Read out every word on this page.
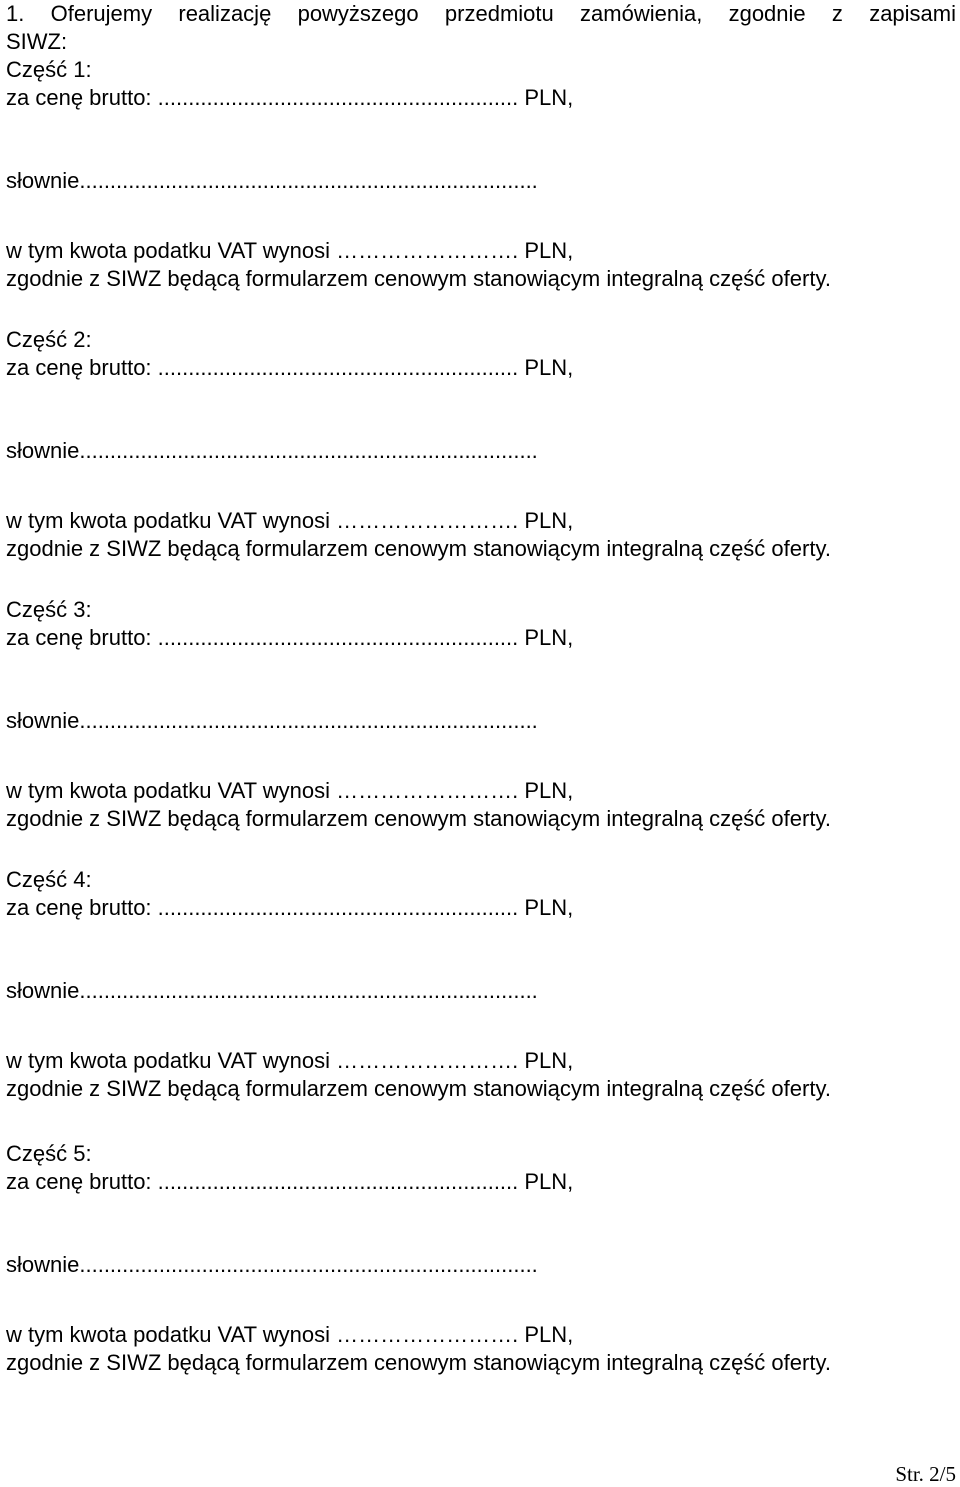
1. Oferujemy realizację powyższego przedmiotu zamówienia, zgodnie z zapisami
SIWZ:
Część 1:
za cenę brutto: ........................................................... PLN,
słownie...........................................................................
w tym kwota podatku VAT wynosi ……………………. PLN,
zgodnie z SIWZ będącą formularzem cenowym stanowiącym integralną część oferty.
Część 2:
za cenę brutto: ........................................................... PLN,
słownie...........................................................................
w tym kwota podatku VAT wynosi ……………………. PLN,
zgodnie z SIWZ będącą formularzem cenowym stanowiącym integralną część oferty.
Część 3:
za cenę brutto: ........................................................... PLN,
słownie...........................................................................
w tym kwota podatku VAT wynosi ……………………. PLN,
zgodnie z SIWZ będącą formularzem cenowym stanowiącym integralną część oferty.
Część 4:
za cenę brutto: ........................................................... PLN,
słownie...........................................................................
w tym kwota podatku VAT wynosi ……………………. PLN,
zgodnie z SIWZ będącą formularzem cenowym stanowiącym integralną część oferty.
Część 5:
za cenę brutto: ........................................................... PLN,
słownie...........................................................................
w tym kwota podatku VAT wynosi ……………………. PLN,
zgodnie z SIWZ będącą formularzem cenowym stanowiącym integralną część oferty.
Str. 2/5
